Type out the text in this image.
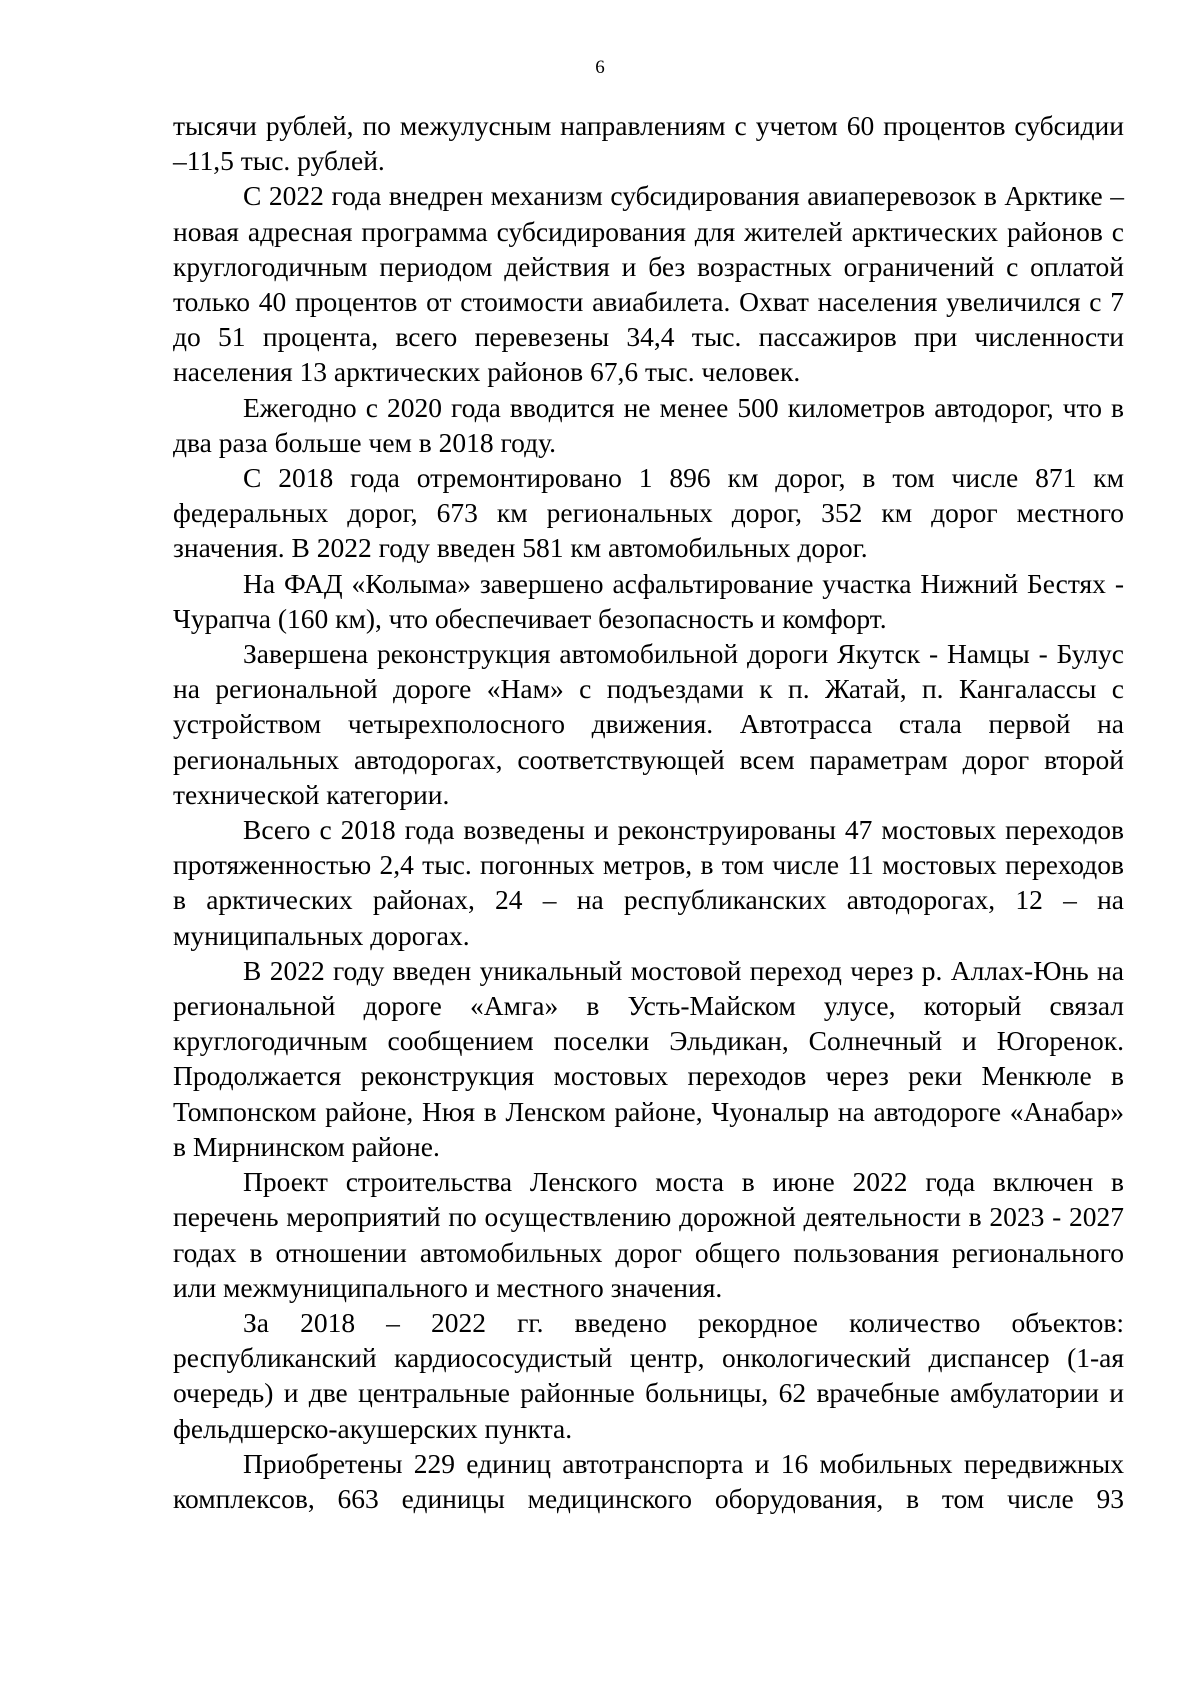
6

тысячи рублей, по межулусным направлениям с учетом 60 процентов субсидии –11,5 тыс. рублей.

С 2022 года внедрен механизм субсидирования авиаперевозок в Арктике – новая адресная программа субсидирования для жителей арктических районов с круглогодичным периодом действия и без возрастных ограничений с оплатой только 40 процентов от стоимости авиабилета. Охват населения увеличился с 7 до 51 процента, всего перевезены 34,4 тыс. пассажиров при численности населения 13 арктических районов 67,6 тыс. человек.

Ежегодно с 2020 года вводится не менее 500 километров автодорог, что в два раза больше чем в 2018 году.

С 2018 года отремонтировано 1 896 км дорог, в том числе 871 км федеральных дорог, 673 км региональных дорог, 352 км дорог местного значения. В 2022 году введен 581 км автомобильных дорог.

На ФАД «Колыма» завершено асфальтирование участка Нижний Бестях - Чурапча (160 км), что обеспечивает безопасность и комфорт.

Завершена реконструкция автомобильной дороги Якутск - Намцы - Булус на региональной дороге «Нам» с подъездами к п. Жатай, п. Кангалассы с устройством четырехполосного движения. Автотрасса стала первой на региональных автодорогах, соответствующей всем параметрам дорог второй технической категории.

Всего с 2018 года возведены и реконструированы 47 мостовых переходов протяженностью 2,4 тыс. погонных метров, в том числе 11 мостовых переходов в арктических районах, 24 – на республиканских автодорогах, 12 – на муниципальных дорогах.

В 2022 году введен уникальный мостовой переход через р. Аллах-Юнь на региональной дороге «Амга» в Усть-Майском улусе, который связал круглогодичным сообщением поселки Эльдикан, Солнечный и Югоренок. Продолжается реконструкция мостовых переходов через реки Менкюле в Томпонском районе, Нюя в Ленском районе, Чуоналыр на автодороге «Анабар» в Мирнинском районе.

Проект строительства Ленского моста в июне 2022 года включен в перечень мероприятий по осуществлению дорожной деятельности в 2023 - 2027 годах в отношении автомобильных дорог общего пользования регионального или межмуниципального и местного значения.

За 2018 – 2022 гг. введено рекордное количество объектов: республиканский кардиососудистый центр, онкологический диспансер (1-ая очередь) и две центральные районные больницы, 62 врачебные амбулатории и фельдшерско-акушерских пункта.

Приобретены 229 единиц автотранспорта и 16 мобильных передвижных комплексов, 663 единицы медицинского оборудования, в том числе 93
